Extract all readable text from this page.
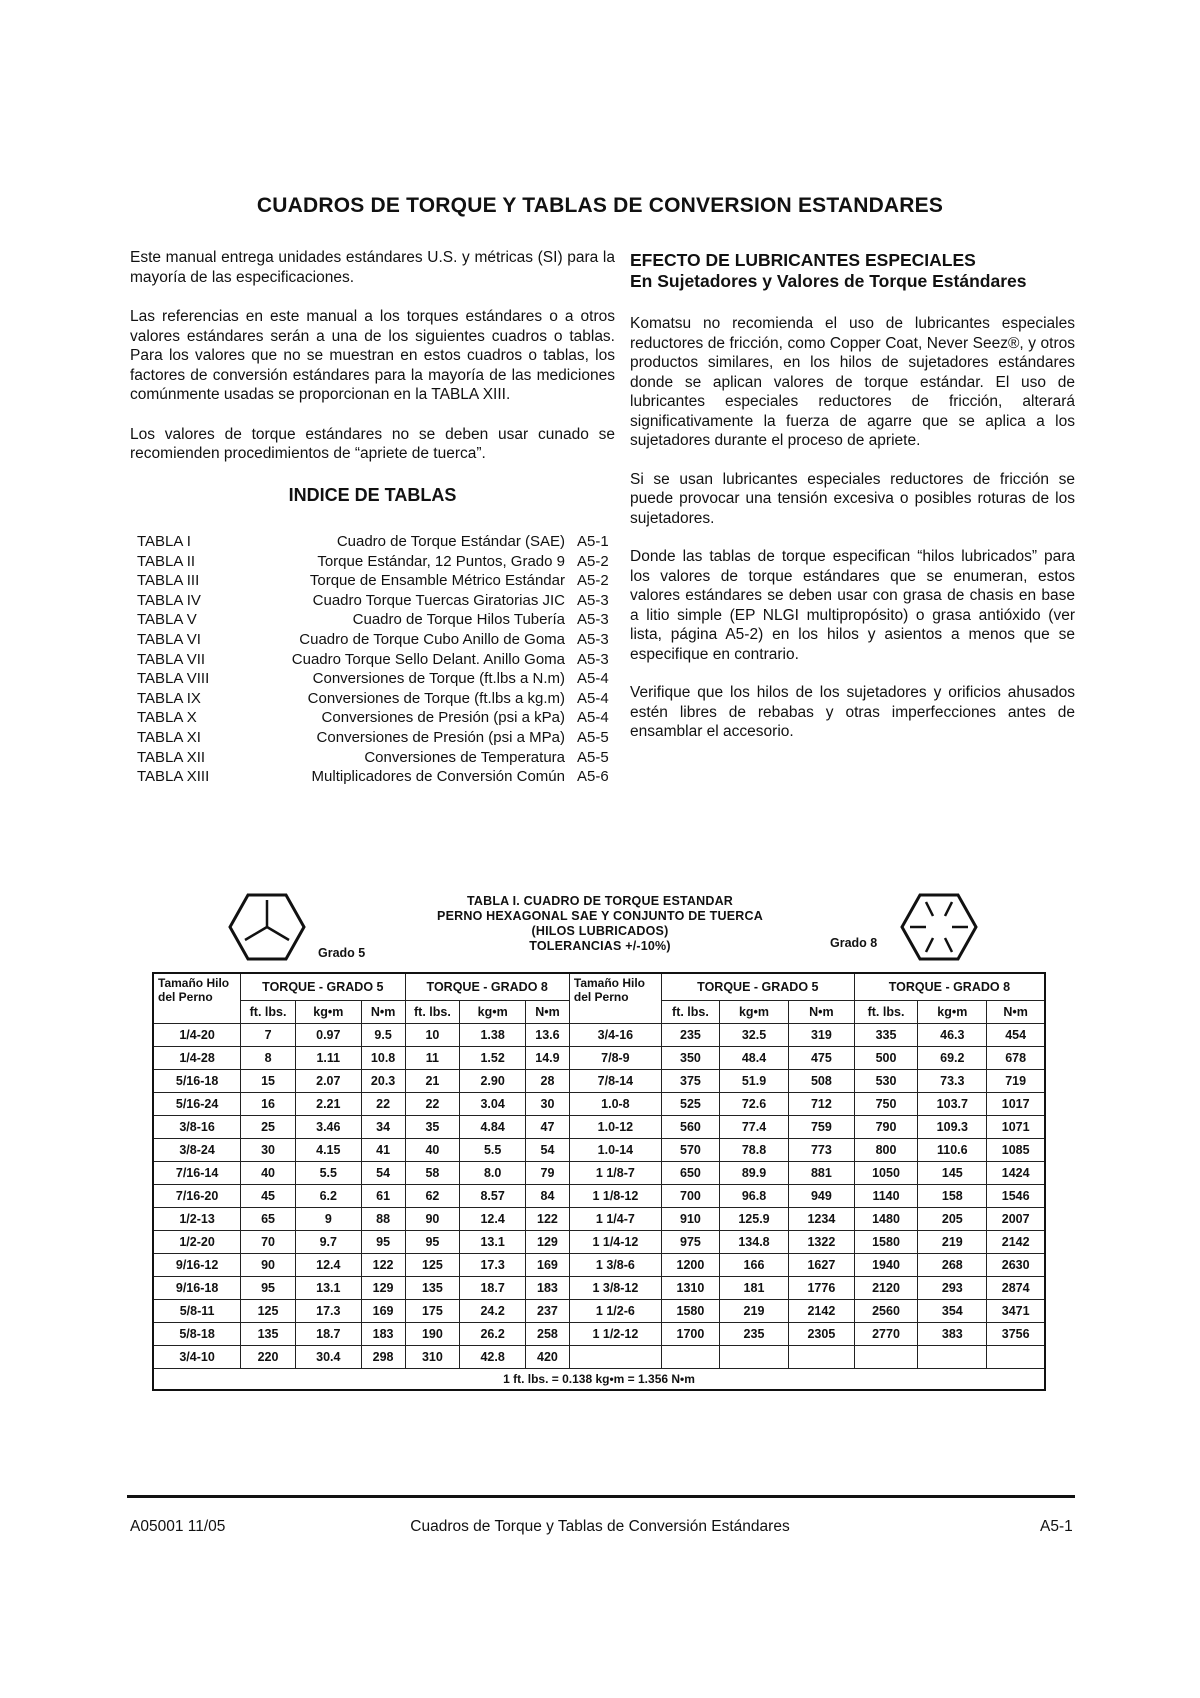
CUADROS DE TORQUE Y TABLAS DE CONVERSION ESTANDARES

Este manual entrega unidades estándares U.S. y métricas (SI) para la mayoría de las especificaciones.

Las referencias en este manual a los torques estándares o a otros valores estándares serán a una de los siguientes cuadros o tablas. Para los valores que no se muestran en estos cuadros o tablas, los factores de conversión estándares para la mayoría de las mediciones comúnmente usadas se proporcionan en la TABLA XIII.

Los valores de torque estándares no se deben usar cunado se recomienden procedimientos de “apriete de tuerca”.

INDICE DE TABLAS
TABLA I	Cuadro de Torque Estándar (SAE)	A5-1
TABLA II	Torque Estándar, 12 Puntos, Grado 9	A5-2
TABLA III	Torque de Ensamble Métrico Estándar	A5-2
TABLA IV	Cuadro Torque Tuercas Giratorias JIC	A5-3
TABLA V	Cuadro de Torque Hilos Tubería	A5-3
TABLA VI	Cuadro de Torque Cubo Anillo de Goma	A5-3
TABLA VII	Cuadro Torque Sello Delant. Anillo Goma	A5-3
TABLA VIII	Conversiones de Torque (ft.lbs a N.m)	A5-4
TABLA IX	Conversiones de Torque (ft.lbs a kg.m)	A5-4
TABLA X	Conversiones de Presión (psi a kPa)	A5-4
TABLA XI	Conversiones de Presión (psi a MPa)	A5-5
TABLA XII	Conversiones de Temperatura	A5-5
TABLA XIII	Multiplicadores de Conversión Común	A5-6
EFECTO DE LUBRICANTES ESPECIALES
En Sujetadores y Valores de Torque Estándares

Komatsu no recomienda el uso de lubricantes especiales reductores de fricción, como Copper Coat, Never Seez®, y otros productos similares, en los hilos de sujetadores estándares donde se aplican valores de torque estándar. El uso de lubricantes especiales reductores de fricción, alterará significativamente la fuerza de agarre que se aplica a los sujetadores durante el proceso de apriete.

Si se usan lubricantes especiales reductores de fricción se puede provocar una tensión excesiva o posibles roturas de los sujetadores.

Donde las tablas de torque especifican “hilos lubricados” para los valores de torque estándares que se enumeran, estos valores estándares se deben usar con grasa de chasis en base a litio simple (EP NLGI multipropósito) o grasa antióxido (ver lista, página A5-2) en los hilos y asientos a menos que se especifique en contrario.

Verifique que los hilos de los sujetadores y orificios ahusados estén libres de rebabas y otras imperfecciones antes de ensamblar el accesorio.

Grado 5
TABLA I. CUADRO DE TORQUE ESTANDAR
PERNO HEXAGONAL SAE Y CONJUNTO DE TUERCA
(HILOS LUBRICADOS)
TOLERANCIAS +/-10%)	Grado 8
Tamaño Hilo del Perno	TORQUE - GRADO 5			TORQUE - GRADO 8			Tamaño Hilo del Perno	TORQUE - GRADO 5			TORQUE - GRADO 8		
	ft. lbs.	kg•m	N•m	ft. lbs.	kg•m	N•m		ft. lbs.	kg•m	N•m	ft. lbs.	kg•m	N•m
1/4-20	7	0.97	9.5	10	1.38	13.6	3/4-16	235	32.5	319	335	46.3	454
1/4-28	8	1.11	10.8	11	1.52	14.9	7/8-9	350	48.4	475	500	69.2	678
5/16-18	15	2.07	20.3	21	2.90	28	7/8-14	375	51.9	508	530	73.3	719
5/16-24	16	2.21	22	22	3.04	30	1.0-8	525	72.6	712	750	103.7	1017
3/8-16	25	3.46	34	35	4.84	47	1.0-12	560	77.4	759	790	109.3	1071
3/8-24	30	4.15	41	40	5.5	54	1.0-14	570	78.8	773	800	110.6	1085
7/16-14	40	5.5	54	58	8.0	79	1 1/8-7	650	89.9	881	1050	145	1424
7/16-20	45	6.2	61	62	8.57	84	1 1/8-12	700	96.8	949	1140	158	1546
1/2-13	65	9	88	90	12.4	122	1 1/4-7	910	125.9	1234	1480	205	2007
1/2-20	70	9.7	95	95	13.1	129	1 1/4-12	975	134.8	1322	1580	219	2142
9/16-12	90	12.4	122	125	17.3	169	1 3/8-6	1200	166	1627	1940	268	2630
9/16-18	95	13.1	129	135	18.7	183	1 3/8-12	1310	181	1776	2120	293	2874
5/8-11	125	17.3	169	175	24.2	237	1 1/2-6	1580	219	2142	2560	354	3471
5/8-18	135	18.7	183	190	26.2	258	1 1/2-12	1700	235	2305	2770	383	3756
3/4-10	220	30.4	298	310	42.8	420							
1 ft. lbs. = 0.138 kg•m = 1.356 N•m													
A05001 11/05	Cuadros de Torque y Tablas de Conversión Estándares	A5-1
